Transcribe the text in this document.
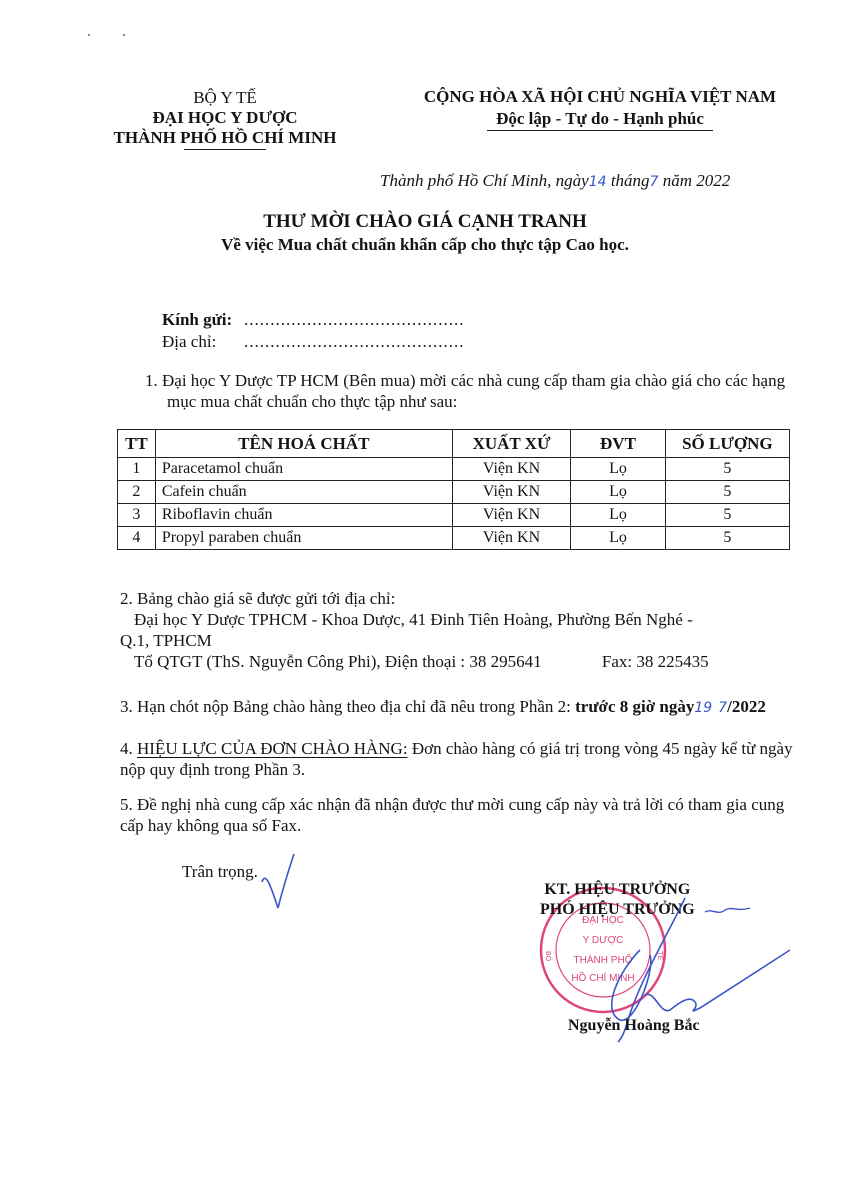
BỘ Y TẾ
ĐẠI HỌC Y DƯỢC
THÀNH PHỐ HỒ CHÍ MINH
CỘNG HÒA XÃ HỘI CHỦ NGHĨA VIỆT NAM
Độc lập - Tự do - Hạnh phúc
Thành phố Hồ Chí Minh, ngày14 tháng7 năm 2022
THƯ MỜI CHÀO GIÁ CẠNH TRANH
Về việc Mua chất chuẩn khẩn cấp cho thực tập Cao học.
Kính gửi: ..........................................
Địa chỉ: ..........................................
1. Đại học Y Dược TP HCM (Bên mua) mời các nhà cung cấp tham gia chào giá cho các hạng mục mua chất chuẩn cho thực tập như sau:
TT	TÊN HOÁ CHẤT	XUẤT XỨ	ĐVT	SỐ LƯỢNG
1	Paracetamol chuẩn	Viện KN	Lọ	5
2	Cafein chuẩn	Viện KN	Lọ	5
3	Riboflavin chuẩn	Viện KN	Lọ	5
4	Propyl paraben chuẩn	Viện KN	Lọ	5
2. Bảng chào giá sẽ được gửi tới địa chỉ:
Đại học Y Dược TPHCM - Khoa Dược, 41 Đinh Tiên Hoàng, Phường Bến Nghé -
Q.1, TPHCM
Tổ QTGT (ThS. Nguyễn Công Phi), Điện thoại : 38 295641	Fax: 38 225435
3. Hạn chót nộp Bảng chào hàng theo địa chỉ đã nêu trong Phần 2: trước 8 giờ ngày19 7/2022
4. HIỆU LỰC CỦA ĐƠN CHÀO HÀNG: Đơn chào hàng có giá trị trong vòng 45 ngày kể từ ngày nộp quy định trong Phần 3.
5. Đề nghị nhà cung cấp xác nhận đã nhận được thư mời cung cấp này và trả lời có tham gia cung cấp hay không qua số Fax.
Trân trọng.
ĐẠI HỌC
Y DƯỢC
THÀNH PHỐ
HỒ CHÍ MINH
BỘ	TẾ
KT. HIỆU TRƯỞNG
PHÓ HIỆU TRƯỞNG
Nguyễn Hoàng Bắc
